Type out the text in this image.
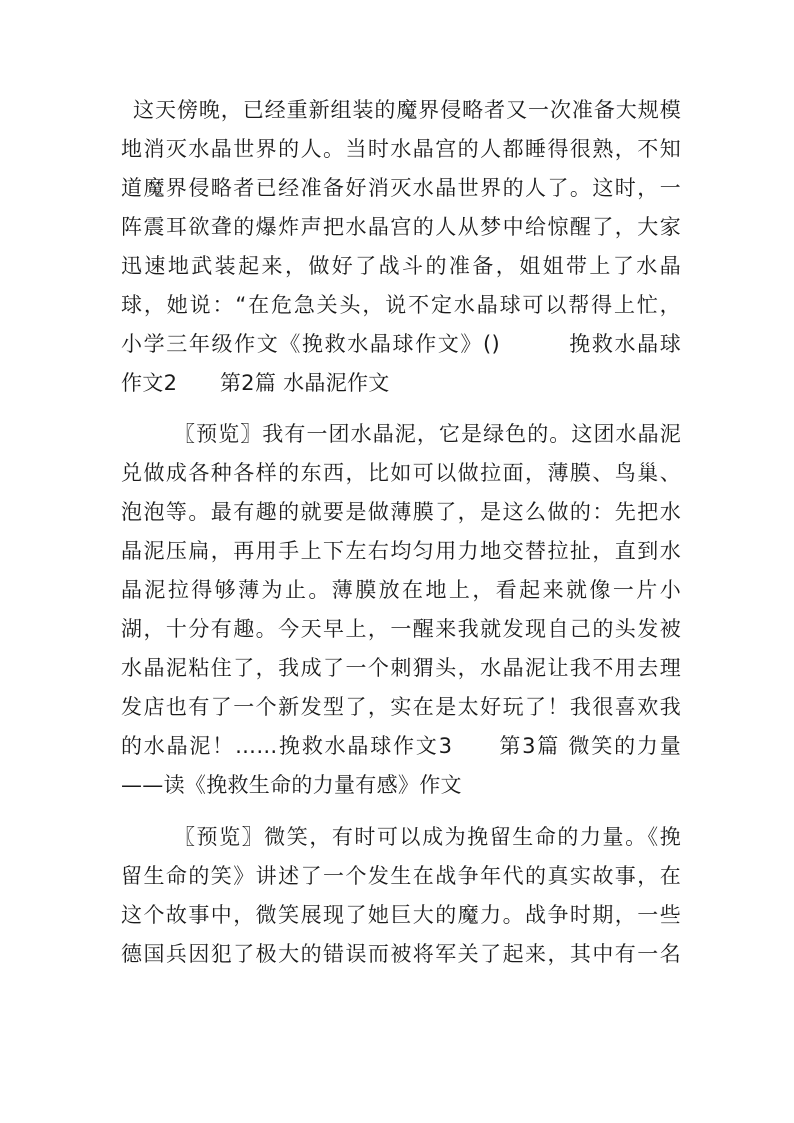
这天傍晚，已经重新组装的魔界侵略者又一次准备大规模
地消灭水晶世界的人。当时水晶宫的人都睡得很熟，不知
道魔界侵略者已经准备好消灭水晶世界的人了。这时，一
阵震耳欲聋的爆炸声把水晶宫的人从梦中给惊醒了，大家
迅速地武装起来，做好了战斗的准备，姐姐带上了水晶
球，她说：“在危急关头，说不定水晶球可以帮得上忙，
小学三年级作文《挽救水晶球作文》()　　　挽救水晶球
作文2　　第2篇 水晶泥作文
〖预览〗我有一团水晶泥，它是绿色的。这团水晶泥
兑做成各种各样的东西，比如可以做拉面，薄膜、鸟巢、
泡泡等。最有趣的就要是做薄膜了，是这么做的：先把水
晶泥压扁，再用手上下左右均匀用力地交替拉扯，直到水
晶泥拉得够薄为止。薄膜放在地上，看起来就像一片小
湖，十分有趣。今天早上，一醒来我就发现自己的头发被
水晶泥粘住了，我成了一个刺猬头，水晶泥让我不用去理
发店也有了一个新发型了，实在是太好玩了！我很喜欢我
的水晶泥！……挽救水晶球作文3　　第3篇 微笑的力量
——读《挽救生命的力量有感》作文
〖预览〗微笑，有时可以成为挽留生命的力量。《挽
留生命的笑》讲述了一个发生在战争年代的真实故事，在
这个故事中，微笑展现了她巨大的魔力。战争时期，一些
德国兵因犯了极大的错误而被将军关了起来，其中有一名
